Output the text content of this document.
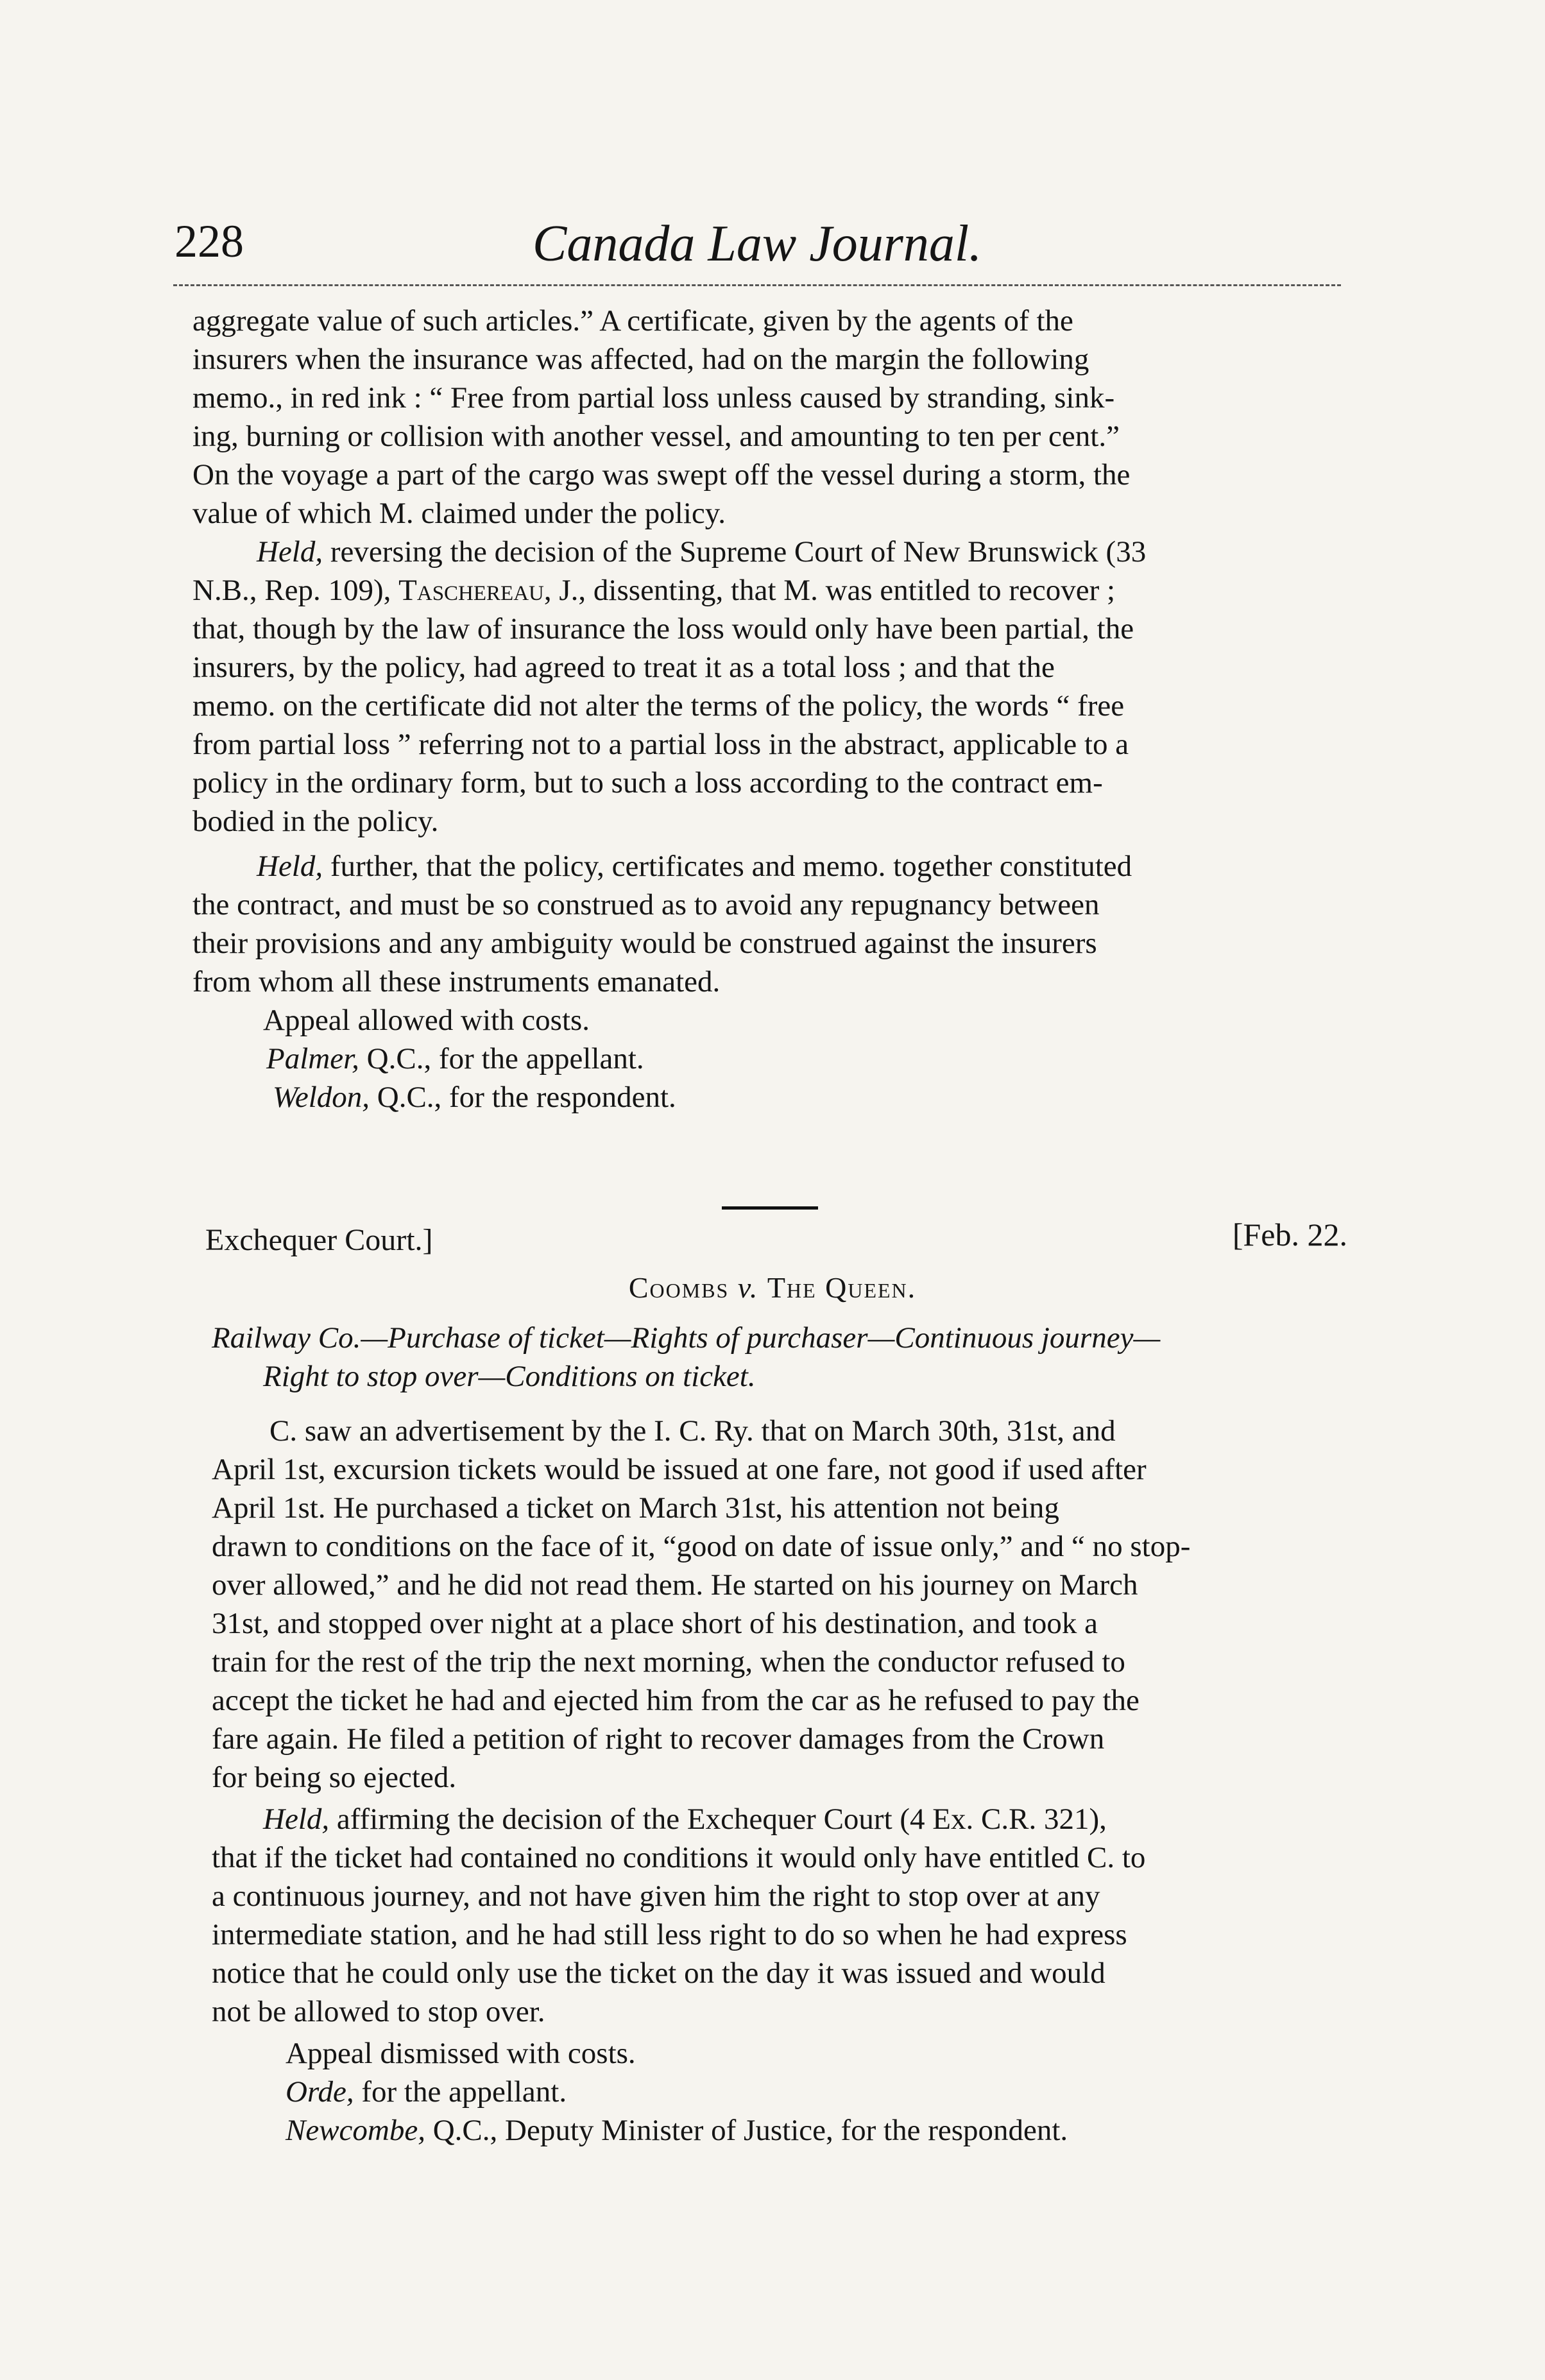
228	Canada Law Journal.
aggregate value of such articles.” A certificate, given by the agents of the
insurers when the insurance was affected, had on the margin the following
memo., in red ink : “ Free from partial loss unless caused by stranding, sink-
ing, burning or collision with another vessel, and amounting to ten per cent.”
On the voyage a part of the cargo was swept off the vessel during a storm, the
value of which M. claimed under the policy.
Held, reversing the decision of the Supreme Court of New Brunswick (33
N.B., Rep. 109), Taschereau, J., dissenting, that M. was entitled to recover ;
that, though by the law of insurance the loss would only have been partial, the
insurers, by the policy, had agreed to treat it as a total loss ; and that the
memo. on the certificate did not alter the terms of the policy, the words “ free
from partial loss ” referring not to a partial loss in the abstract, applicable to a
policy in the ordinary form, but to such a loss according to the contract em-
bodied in the policy.
Held, further, that the policy, certificates and memo. together constituted
the contract, and must be so construed as to avoid any repugnancy between
their provisions and any ambiguity would be construed against the insurers
from whom all these instruments emanated.
Appeal allowed with costs.
Palmer, Q.C., for the appellant.
Weldon, Q.C., for the respondent.
Exchequer Court.]	[Feb. 22.
Coombs v. The Queen.
Railway Co.—Purchase of ticket—Rights of purchaser—Continuous journey—
Right to stop over—Conditions on ticket.
C. saw an advertisement by the I. C. Ry. that on March 30th, 31st, and
April 1st, excursion tickets would be issued at one fare, not good if used after
April 1st. He purchased a ticket on March 31st, his attention not being
drawn to conditions on the face of it, “good on date of issue only,” and “ no stop-
over allowed,” and he did not read them. He started on his journey on March
31st, and stopped over night at a place short of his destination, and took a
train for the rest of the trip the next morning, when the conductor refused to
accept the ticket he had and ejected him from the car as he refused to pay the
fare again. He filed a petition of right to recover damages from the Crown
for being so ejected.
Held, affirming the decision of the Exchequer Court (4 Ex. C.R. 321),
that if the ticket had contained no conditions it would only have entitled C. to
a continuous journey, and not have given him the right to stop over at any
intermediate station, and he had still less right to do so when he had express
notice that he could only use the ticket on the day it was issued and would
not be allowed to stop over.
Appeal dismissed with costs.
Orde, for the appellant.
Newcombe, Q.C., Deputy Minister of Justice, for the respondent.
